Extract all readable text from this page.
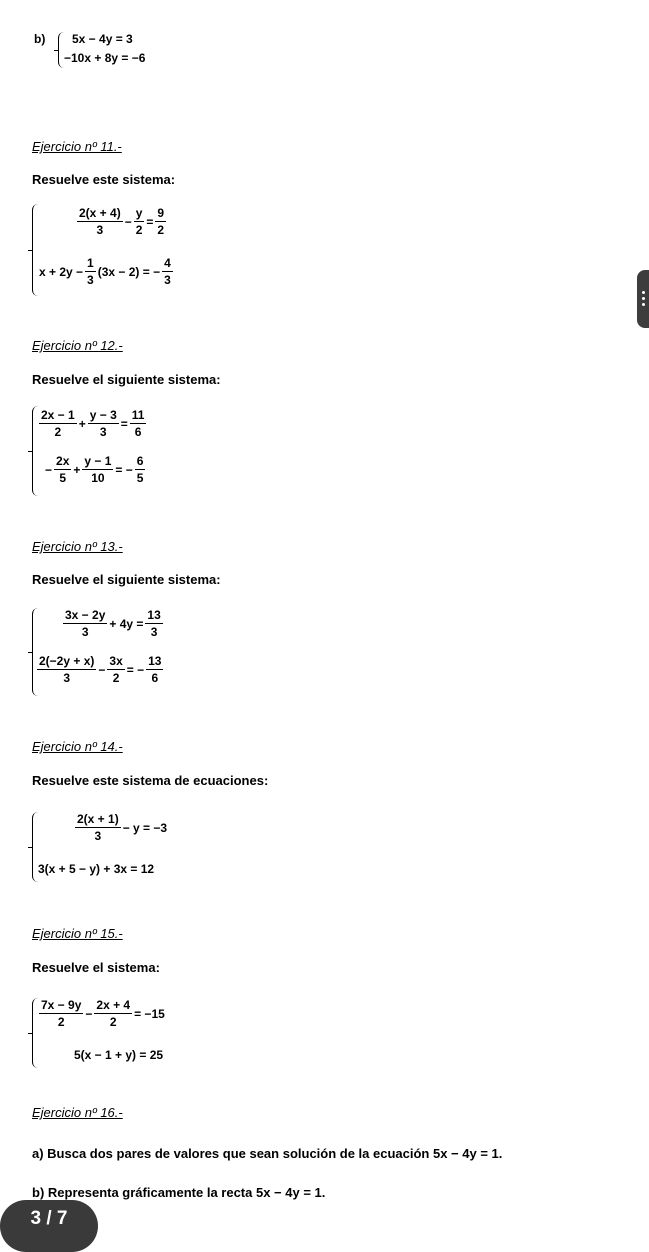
b) 5x − 4y = 3
−10x + 8y = −6
Ejercicio nº 11.-
Resuelve este sistema:
$\frac{2(x + 4)}{3} - \frac{y}{2} = \frac{9}{2}$
$x + 2y - \frac{1}{3} (3x - 2)$ = − $\frac{4}{3}$
Ejercicio nº 12.-
Resuelve el siguiente sistema:
$\frac{2x - 1}{2} + \frac{y - 3}{3} = \frac{11}{6}$
− $\frac{2x}{5} + \frac{y - 1}{10}$ = − $\frac{6}{5}$
Ejercicio nº 13.-
Resuelve el siguiente sistema:
$\frac{3x - 2y}{3} + 4y = \frac{13}{3}$
$\frac{2(-2y + x)}{3} - \frac{3x}{2}$ = − $\frac{13}{6}$
Ejercicio nº 14.-
Resuelve este sistema de ecuaciones:
$\frac{2(x + 1)}{3} - y = -3$
3(x + 5 − y) + 3x = 12
Ejercicio nº 15.-
Resuelve el sistema:
$\frac{7x - 9y}{2} - \frac{2x + 4}{2} = -15$
5(x − 1 + y) = 25
Ejercicio nº 16.-
a) Busca dos pares de valores que sean solución de la ecuación 5x − 4y = 1.
b) Representa gráficamente la recta 5x − 4y = 1.
3 / 7
